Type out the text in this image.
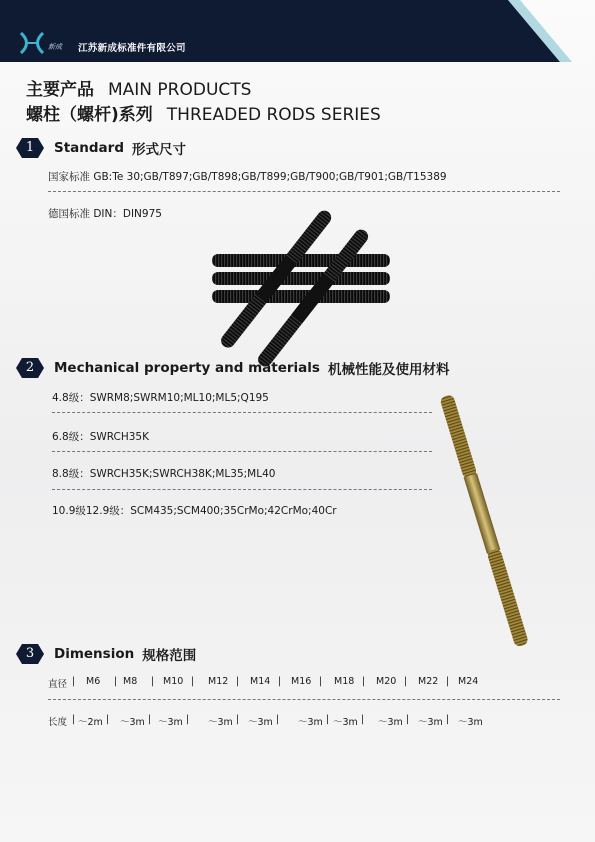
新成 江苏新成标准件有限公司
主要产品 MAIN PRODUCTS
螺柱（螺杆)系列 THREADED RODS SERIES
1	Standard 形式尺寸
国家标准 GB:Te 30;GB/T897;GB/T898;GB/T899;GB/T900;GB/T901;GB/T15389
德国标准 DIN：DIN975
2	Mechanical property and materials 机械性能及使用材料
4.8级：SWRM8;SWRM10;ML10;ML5;Q195
6.8级：SWRCH35K
8.8级：SWRCH35K;SWRCH38K;ML35;ML40
10.9级12.9级：SCM435;SCM400;35CrMo;42CrMo;40Cr
3	Dimension 规格范围
直径 | M6 | M8 | M10 | M12 | M14 | M16 | M18 | M20 | M22 | M24
长度 | ～2m | ～3m | ～3m | ～3m | ～3m | ～3m | ～3m | ～3m | ～3m | ～3m
